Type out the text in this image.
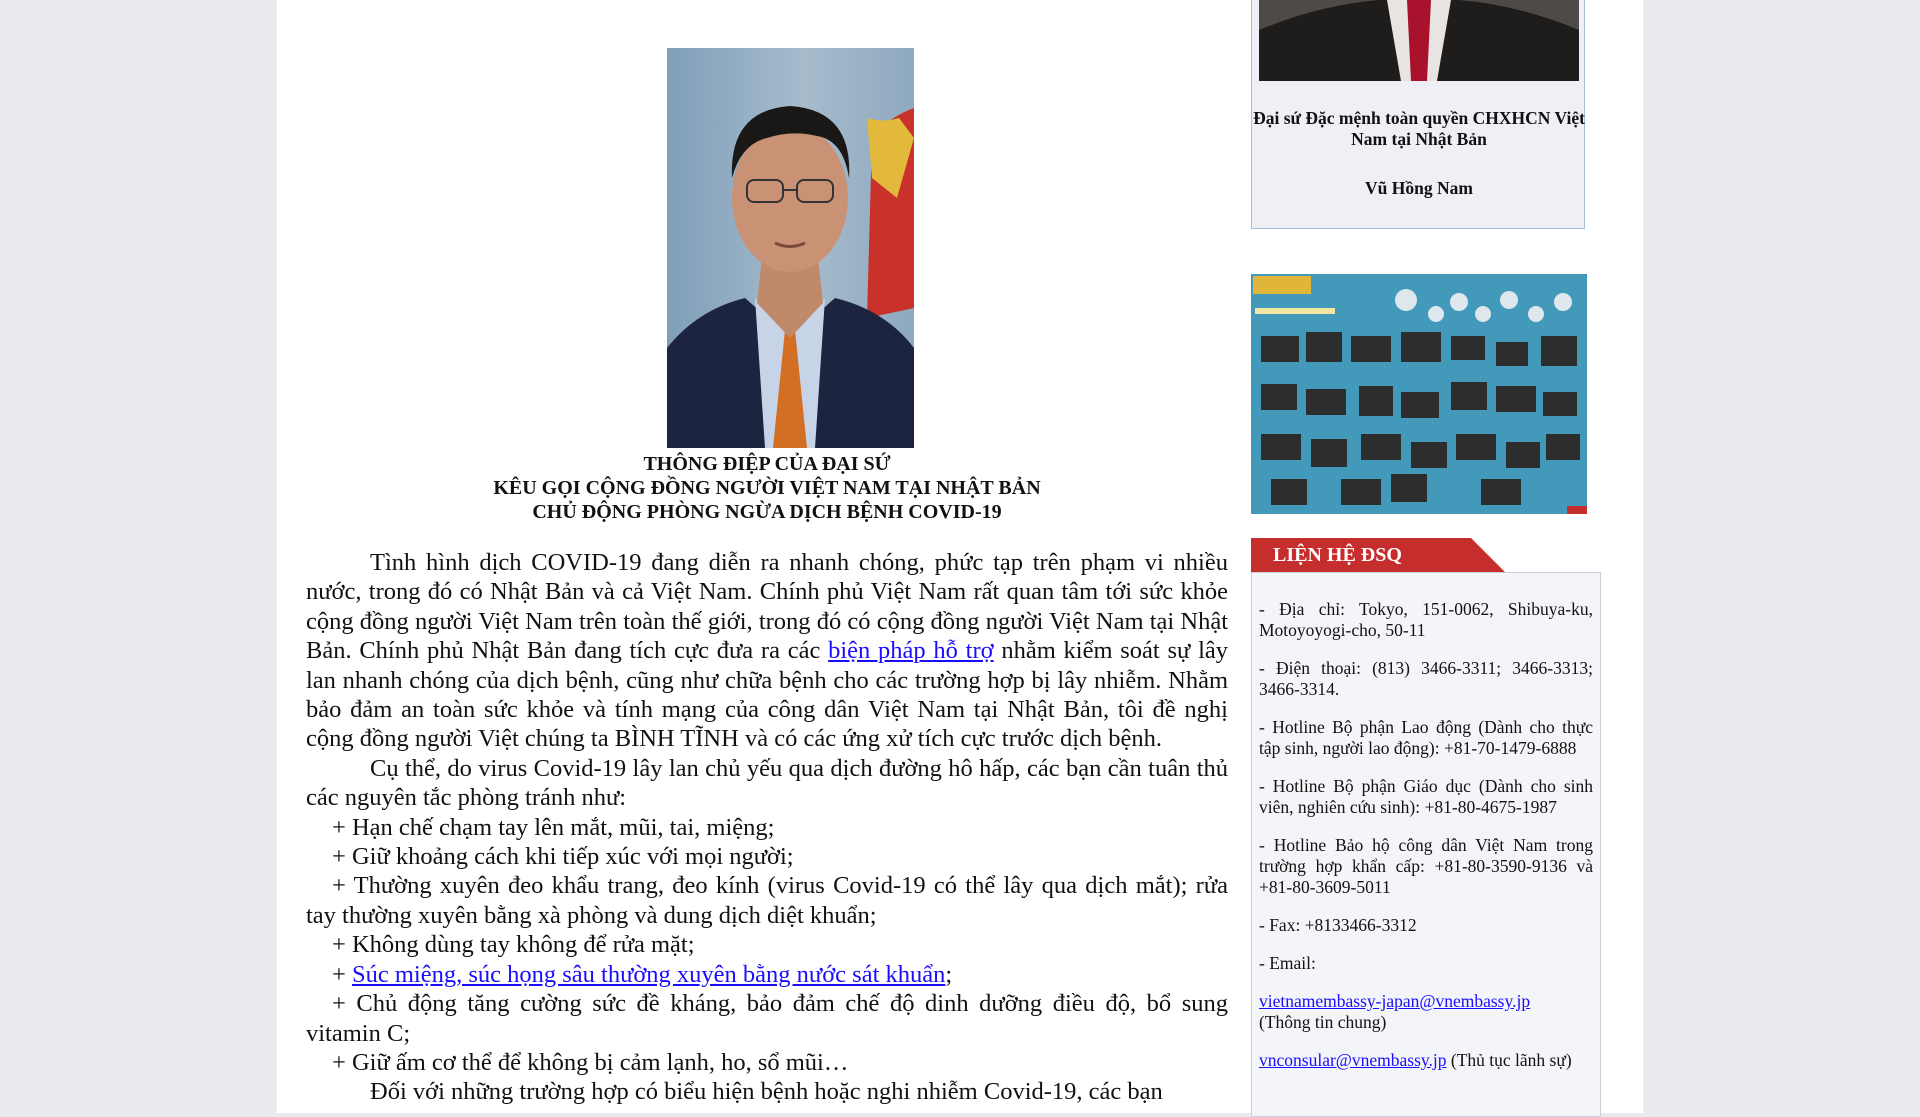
THÔNG ĐIỆP CỦA ĐẠI SỨ
KÊU GỌI CỘNG ĐỒNG NGƯỜI VIỆT NAM TẠI NHẬT BẢN
CHỦ ĐỘNG PHÒNG NGỪA DỊCH BỆNH COVID-19

Tình hình dịch COVID-19 đang diễn ra nhanh chóng, phức tạp trên phạm vi nhiều nước, trong đó có Nhật Bản và cả Việt Nam. Chính phủ Việt Nam rất quan tâm tới sức khỏe cộng đồng người Việt Nam trên toàn thế giới, trong đó có cộng đồng người Việt Nam tại Nhật Bản. Chính phủ Nhật Bản đang tích cực đưa ra các biện pháp hỗ trợ nhằm kiểm soát sự lây lan nhanh chóng của dịch bệnh, cũng như chữa bệnh cho các trường hợp bị lây nhiễm. Nhằm bảo đảm an toàn sức khỏe và tính mạng của công dân Việt Nam tại Nhật Bản, tôi đề nghị cộng đồng người Việt chúng ta BÌNH TĨNH và có các ứng xử tích cực trước dịch bệnh.

Cụ thể, do virus Covid-19 lây lan chủ yếu qua dịch đường hô hấp, các bạn cần tuân thủ các nguyên tắc phòng tránh như:

+ Hạn chế chạm tay lên mắt, mũi, tai, miệng;

+ Giữ khoảng cách khi tiếp xúc với mọi người;

+ Thường xuyên đeo khẩu trang, đeo kính (virus Covid-19 có thể lây qua dịch mắt); rửa tay thường xuyên bằng xà phòng và dung dịch diệt khuẩn;

+ Không dùng tay không để rửa mặt;

+ Súc miệng, súc họng sâu thường xuyên bằng nước sát khuẩn;

+ Chủ động tăng cường sức đề kháng, bảo đảm chế độ dinh dưỡng điều độ, bổ sung vitamin C;

+ Giữ ấm cơ thể để không bị cảm lạnh, ho, sổ mũi…

Đối với những trường hợp có biểu hiện bệnh hoặc nghi nhiễm Covid-19, các bạn

Đại sứ Đặc mệnh toàn quyền CHXHCN Việt Nam tại Nhật Bản
Vũ Hồng Nam
LIỆN HỆ ĐSQ

- Địa chỉ: Tokyo, 151-0062, Shibuya-ku, Motoyoyogi-cho, 50-11

- Điện thoại: (813) 3466-3311; 3466-3313; 3466-3314.

- Hotline Bộ phận Lao động (Dành cho thực tập sinh, người lao động): +81-70-1479-6888

- Hotline Bộ phận Giáo dục (Dành cho sinh viên, nghiên cứu sinh): +81-80-4675-1987

- Hotline Bảo hộ công dân Việt Nam trong trường hợp khẩn cấp: +81-80-3590-9136 và +81-80-3609-5011

- Fax: +8133466-3312

- Email:

vietnamembassy-japan@vnembassy.jp
(Thông tin chung)

vnconsular@vnembassy.jp (Thủ tục lãnh sự)
